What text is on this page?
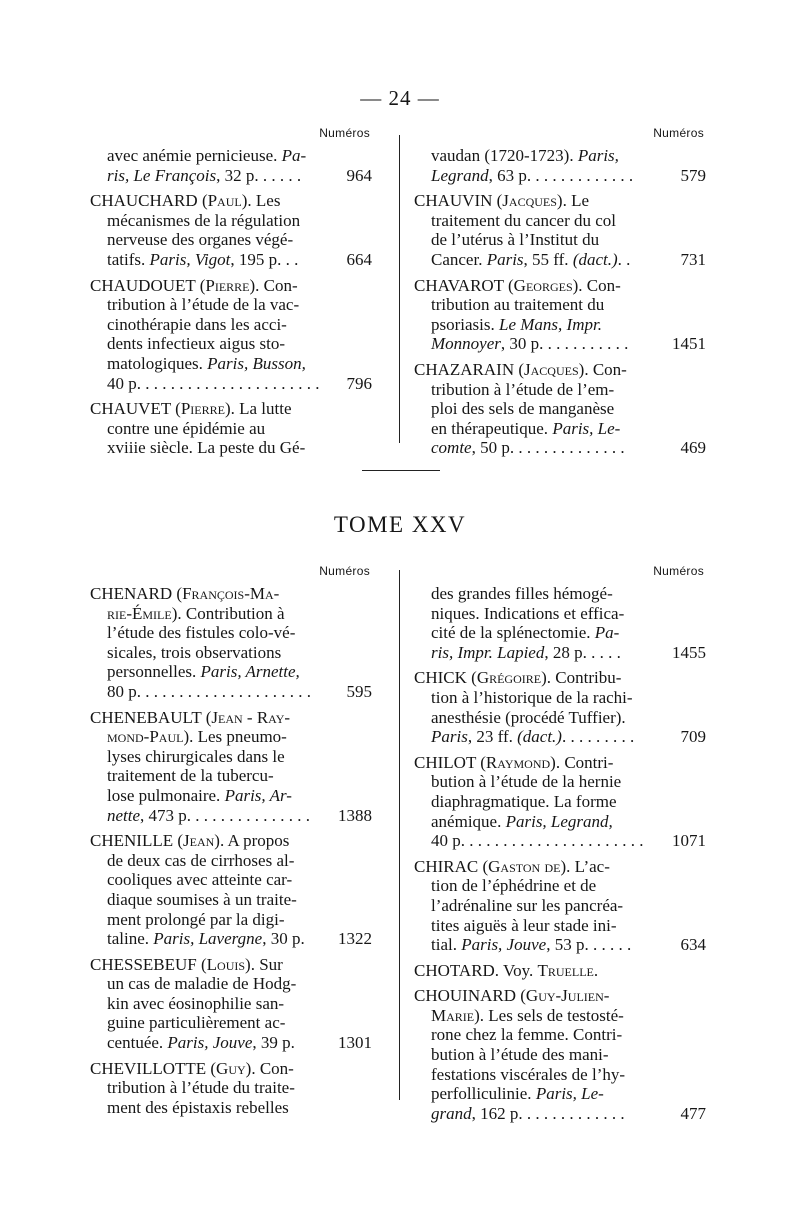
— 24 —
Numéros
avec anémie pernicieuse. Pa-
ris, Le François, 32 p. . . . . .	964
CHAUCHARD (Paul). Les
mécanismes de la régulation
nerveuse des organes végé-
tatifs. Paris, Vigot, 195 p. . .	664
CHAUDOUET (Pierre). Con-
tribution à l’étude de la vac-
cinothérapie dans les acci-
dents infectieux aigus sto-
matologiques. Paris, Busson,
40 p. . . . . . . . . . . . . . . . . . . . . . 796
CHAUVET (Pierre). La lutte
contre une épidémie au
xviiie siècle. La peste du Gé-
Numéros
vaudan (1720-1723). Paris,
Legrand, 63 p. . . . . . . . . . . . .	579
CHAUVIN (Jacques). Le
traitement du cancer du col
de l’utérus à l’Institut du
Cancer. Paris, 55 ff. (dact.). .	731
CHAVAROT (Georges). Con-
tribution au traitement du
psoriasis. Le Mans, Impr.
Monnoyer, 30 p. . . . . . . . . . .	1451
CHAZARAIN (Jacques). Con-
tribution à l’étude de l’em-
ploi des sels de manganèse
en thérapeutique. Paris, Le-
comte, 50 p. . . . . . . . . . . . . .	469
TOME XXV
Numéros
CHENARD (François-Ma-
rie-Émile). Contribution à
l’étude des fistules colo-vé-
sicales, trois observations
personnelles. Paris, Arnette,
80 p. . . . . . . . . . . . . . . . . . . . . 595
CHENEBAULT (Jean - Ray-
mond-Paul). Les pneumo-
lyses chirurgicales dans le
traitement de la tubercu-
lose pulmonaire. Paris, Ar-
nette, 473 p. . . . . . . . . . . . . . . 1388
CHENILLE (Jean). A propos
de deux cas de cirrhoses al-
cooliques avec atteinte car-
diaque soumises à un traite-
ment prolongé par la digi-
taline. Paris, Lavergne, 30 p. 1322
CHESSEBEUF (Louis). Sur
un cas de maladie de Hodg-
kin avec éosinophilie san-
guine particulièrement ac-
centuée. Paris, Jouve, 39 p.	1301
CHEVILLOTTE (Guy). Con-
tribution à l’étude du traite-
ment des épistaxis rebelles
Numéros
des grandes filles hémogé-
niques. Indications et effica-
cité de la splénectomie. Pa-
ris, Impr. Lapied, 28 p. . . . .	1455
CHICK (Grégoire). Contribu-
tion à l’historique de la rachi-
anesthésie (procédé Tuffier).
Paris, 23 ff. (dact.). . . . . . . . .	709
CHILOT (Raymond). Contri-
bution à l’étude de la hernie
diaphragmatique. La forme
anémique. Paris, Legrand,
40 p. . . . . . . . . . . . . . . . . . . . . . 1071
CHIRAC (Gaston de). L’ac-
tion de l’éphédrine et de
l’adrénaline sur les pancréa-
tites aiguës à leur stade ini-
tial. Paris, Jouve, 53 p. . . . . .	634
CHOTARD. Voy. Truelle.
CHOUINARD (Guy-Julien-
Marie). Les sels de testosté-
rone chez la femme. Contri-
bution à l’étude des mani-
festations viscérales de l’hy-
perfolliculinie. Paris, Le-
grand, 162 p. . . . . . . . . . . . .	477
